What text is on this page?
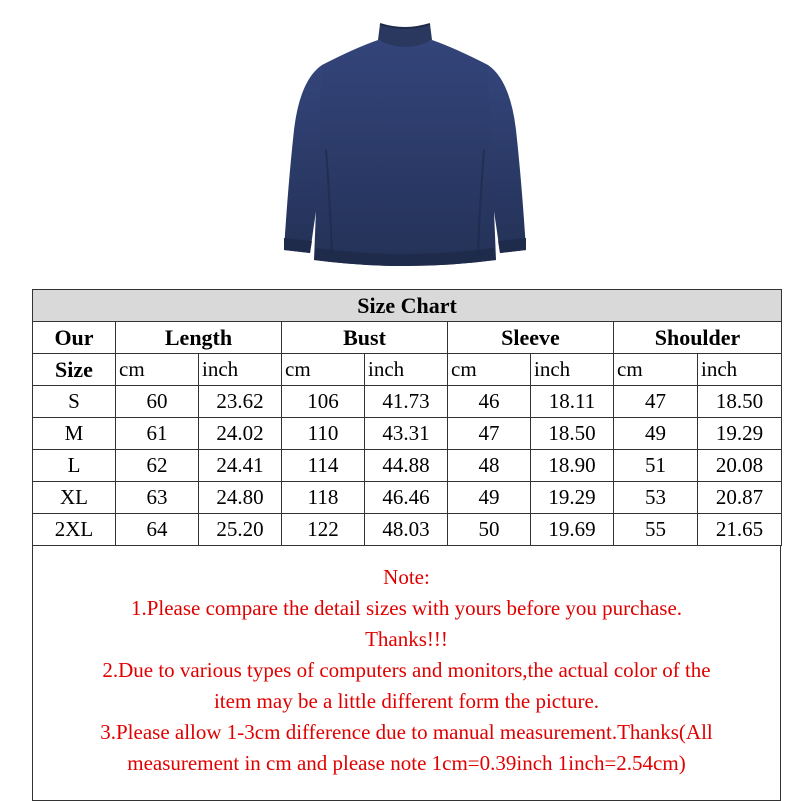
Size Chart								
Our	Length		Bust		Sleeve		Shoulder	
Size	cm	inch	cm	inch	cm	inch	cm	inch
S	60	23.62	106	41.73	46	18.11	47	18.50
M	61	24.02	110	43.31	47	18.50	49	19.29
L	62	24.41	114	44.88	48	18.90	51	20.08
XL	63	24.80	118	46.46	49	19.29	53	20.87
2XL	64	25.20	122	48.03	50	19.69	55	21.65

Note:

1.Please compare the detail sizes with yours before you purchase.

Thanks!!!

2.Due to various types of computers and monitors,the actual color of the

item may be a little different form the picture.

3.Please allow 1-3cm difference due to manual measurement.Thanks(All

measurement in cm and please note 1cm=0.39inch 1inch=2.54cm)
